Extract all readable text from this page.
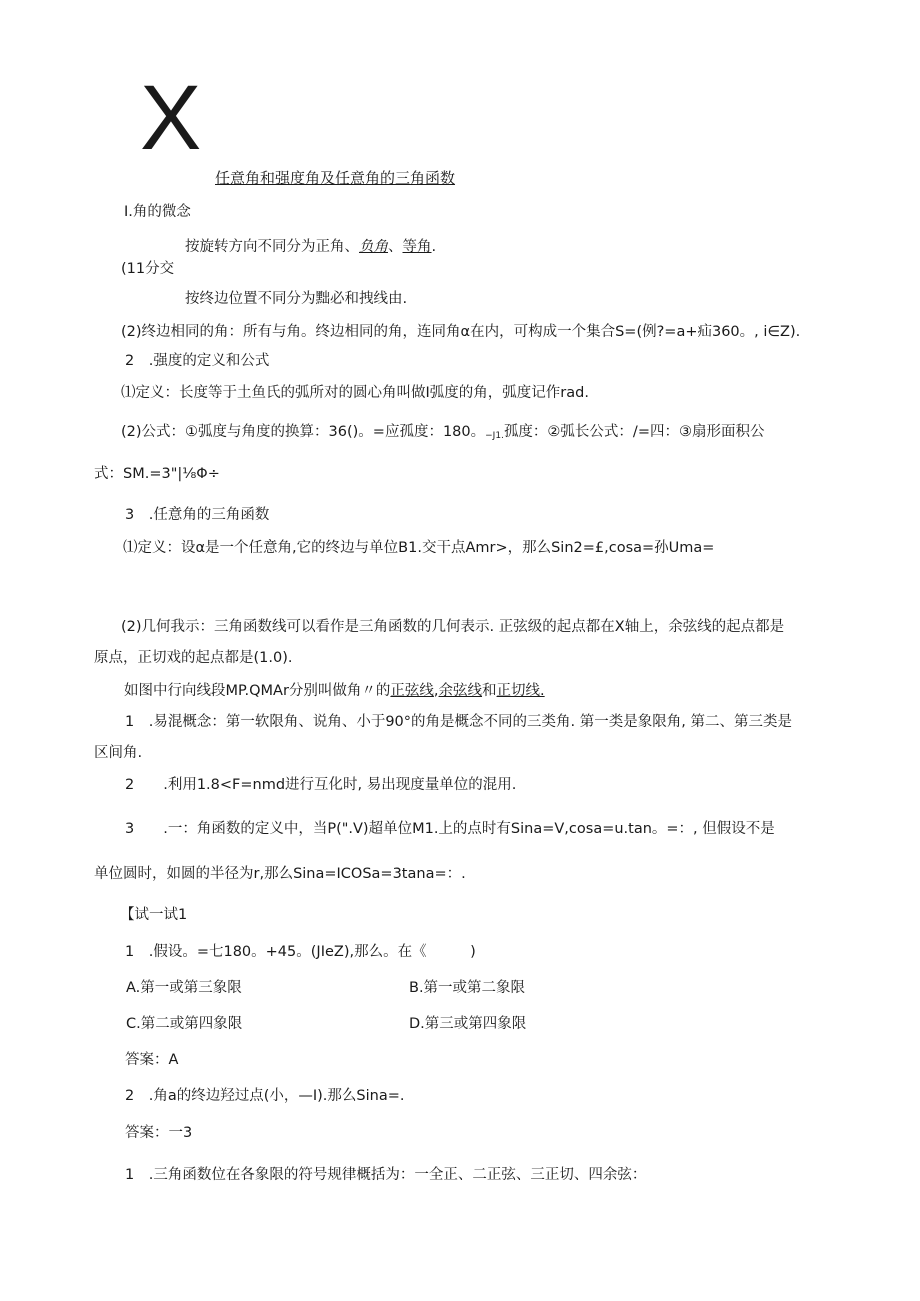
X
任意角和强度角及任意角的三角函数
I.角的微念
按旋转方向不同分为正角、负角、等角.
(11分交
按终边位置不同分为黜必和拽线由.
(2)终边相同的角：所有与角。终边相同的角，连同角α在内，可构成一个集合S=(例?=a+疝360。, i∈Z).
2　.强度的定义和公式
⑴定义：长度等于土鱼氏的弧所对的圆心角叫做I弧度的角，弧度记作rad.
(2)公式：①弧度与角度的换算：36()。=应孤度：180。$_{-J1.}$孤度：②弧长公式：/=四：③扇形面积公
式：SM.=3"|⅛Φ÷
3　.任意角的三角函数
⑴定义：设α是一个任意角,它的终边与单位B1.交干点Amr>，那么Sin2=£,cosa=孙Uma=
(2)几何我示：三角函数线可以看作是三角函数的几何表示. 正弦级的起点都在X轴上，余弦线的起点都是
原点，正切戏的起点都是(1.0).
如图中行向线段MP.QMAr分别叫做角〃的正弦线,余弦线和正切线.
1　.易混概念：第一软限角、说角、小于90°的角是概念不同的三类角. 第一类是象限角, 第二、第三类是
区间角.
2　　.利用1.8<F=nmd进行互化时, 易出现度量单位的混用.
3　　.一：角函数的定义中，当P(".V)超单位M1.上的点时有Sina=V,cosa=u.tan。=：, 但假设不是
单位圆时，如圆的半径为r,那么Sina=ICOSa=3tana=：.
【试一试1
1　.假设。=七180。+45。(JIeZ),那么。在《　　　)
A.第一或第三象限	B.第一或第二象限
C.第二或第四象限	D.第三或第四象限
答案：A
2　.角a的终边羟过点(小，—I).那么Sina=.
答案：一3
1　.三角函数位在各象限的符号规律概括为：一全正、二正弦、三正切、四余弦：
